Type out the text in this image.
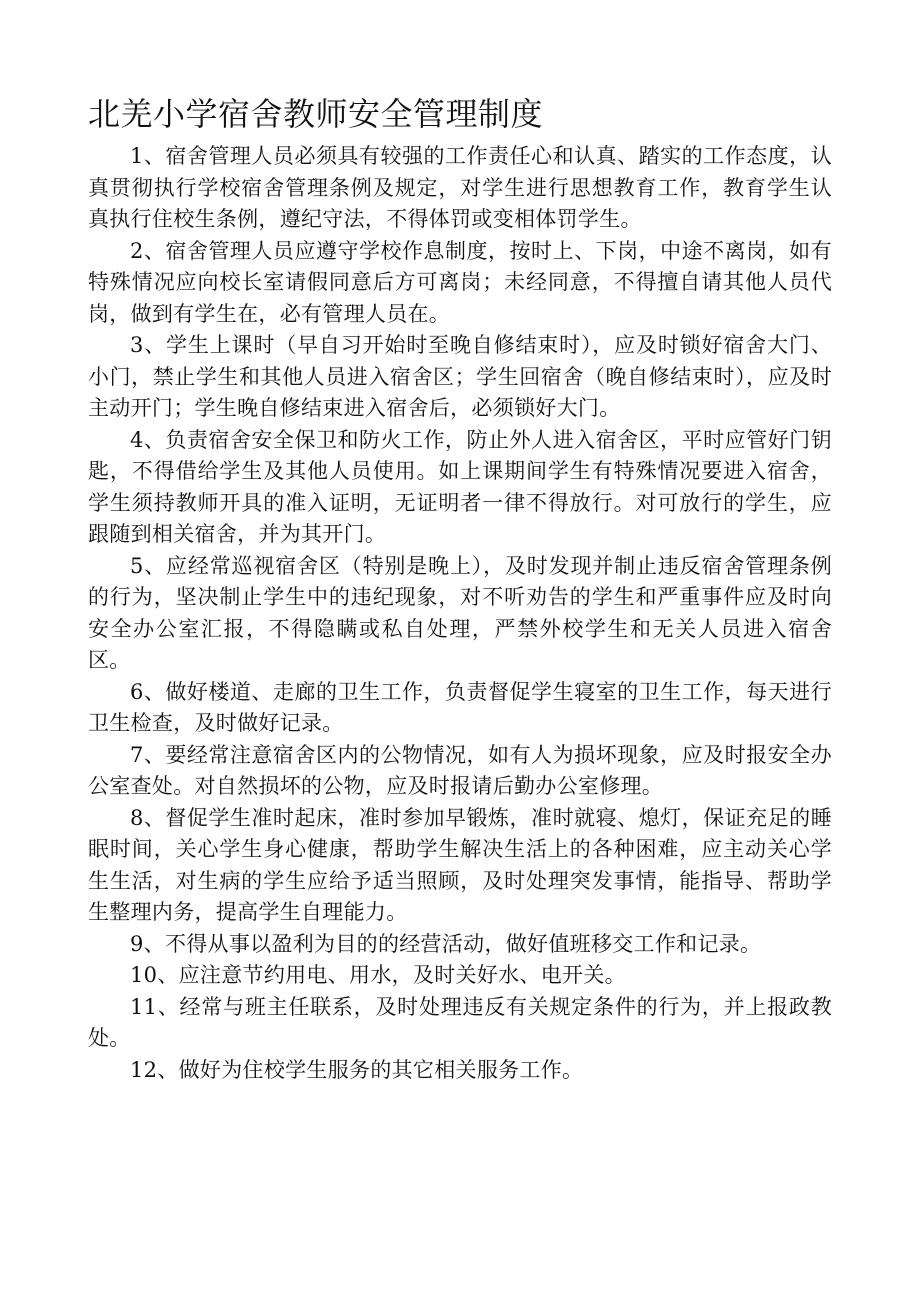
北羌小学宿舍教师安全管理制度

1、宿舍管理人员必须具有较强的工作责任心和认真、踏实的工作态度，认真贯彻执行学校宿舍管理条例及规定，对学生进行思想教育工作，教育学生认真执行住校生条例，遵纪守法，不得体罚或变相体罚学生。

2、宿舍管理人员应遵守学校作息制度，按时上、下岗，中途不离岗，如有特殊情况应向校长室请假同意后方可离岗；未经同意，不得擅自请其他人员代岗，做到有学生在，必有管理人员在。

3、学生上课时（早自习开始时至晚自修结束时），应及时锁好宿舍大门、小门，禁止学生和其他人员进入宿舍区；学生回宿舍（晚自修结束时），应及时主动开门；学生晚自修结束进入宿舍后，必须锁好大门。

4、负责宿舍安全保卫和防火工作，防止外人进入宿舍区，平时应管好门钥匙，不得借给学生及其他人员使用。如上课期间学生有特殊情况要进入宿舍，学生须持教师开具的准入证明，无证明者一律不得放行。对可放行的学生，应跟随到相关宿舍，并为其开门。

5、应经常巡视宿舍区（特别是晚上），及时发现并制止违反宿舍管理条例的行为，坚决制止学生中的违纪现象，对不听劝告的学生和严重事件应及时向安全办公室汇报，不得隐瞒或私自处理，严禁外校学生和无关人员进入宿舍区。

6、做好楼道、走廊的卫生工作，负责督促学生寝室的卫生工作，每天进行卫生检查，及时做好记录。

7、要经常注意宿舍区内的公物情况，如有人为损坏现象，应及时报安全办公室查处。对自然损坏的公物，应及时报请后勤办公室修理。

8、督促学生准时起床，准时参加早锻炼，准时就寝、熄灯，保证充足的睡眠时间，关心学生身心健康，帮助学生解决生活上的各种困难，应主动关心学生生活，对生病的学生应给予适当照顾，及时处理突发事情，能指导、帮助学生整理内务，提高学生自理能力。

9、不得从事以盈利为目的的经营活动，做好值班移交工作和记录。

10、应注意节约用电、用水，及时关好水、电开关。

11、经常与班主任联系，及时处理违反有关规定条件的行为，并上报政教处。

12、做好为住校学生服务的其它相关服务工作。
